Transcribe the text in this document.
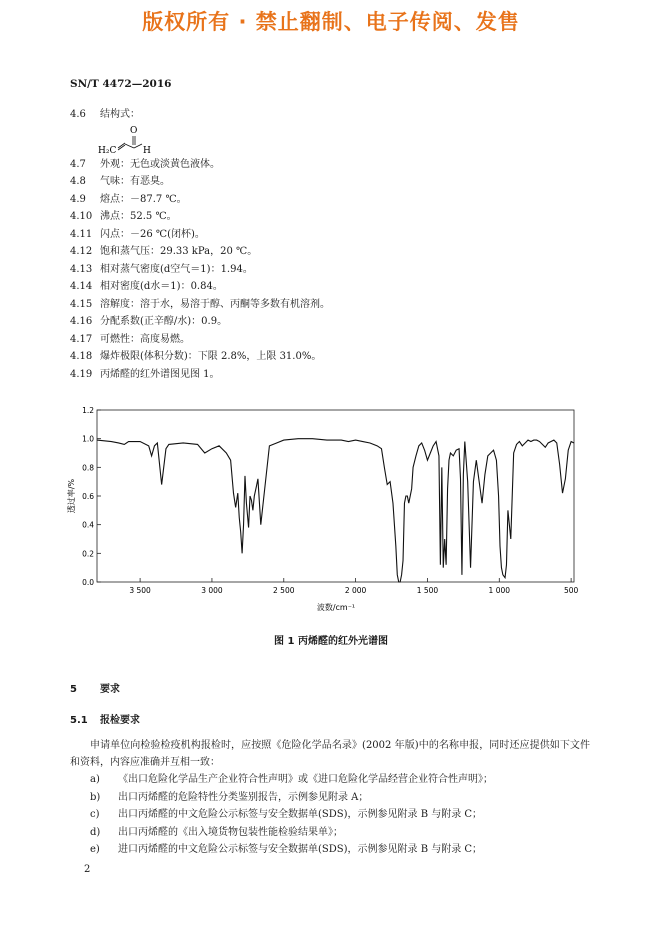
版权所有 · 禁止翻制、电子传阅、发售
SN/T 4472—2016
4.6	结构式：
O
H₂C	H
4.7	外观：无色或淡黄色液体。
4.8	气味：有恶臭。
4.9	熔点：－87.7 ℃。
4.10 沸点：52.5 ℃。
4.11 闪点：－26 ℃(闭杯)。
4.12 饱和蒸气压：29.33 kPa，20 ℃。
4.13 相对蒸气密度(d空气＝1)：1.94。
4.14 相对密度(d水＝1)：0.84。
4.15 溶解度：溶于水，易溶于醇、丙酮等多数有机溶剂。
4.16 分配系数(正辛醇/水)：0.9。
4.17 可燃性：高度易燃。
4.18 爆炸极限(体积分数)：下限 2.8%，上限 31.0%。
4.19 丙烯醛的红外谱图见图 1。
3 500	3 000	2 500	2 000	1 500	1 000	500
0.0
0.2
0.4
0.6
0.8
1.0
1.2
透过率/%
波数/cm⁻¹
图 1 丙烯醛的红外光谱图
5 要求
5.1 报检要求
申请单位向检验检疫机构报检时，应按照《危险化学品名录》(2002 年版)中的名称申报，同时还应提供如下文件和资料，内容应准确并互相一致：
a)	《出口危险化学品生产企业符合性声明》或《进口危险化学品经营企业符合性声明》；
b)	出口丙烯醛的危险特性分类鉴别报告，示例参见附录 A；
c)	出口丙烯醛的中文危险公示标签与安全数据单(SDS)，示例参见附录 B 与附录 C；
d)	出口丙烯醛的《出入境货物包装性能检验结果单》；
e)	进口丙烯醛的中文危险公示标签与安全数据单(SDS)，示例参见附录 B 与附录 C；
2
